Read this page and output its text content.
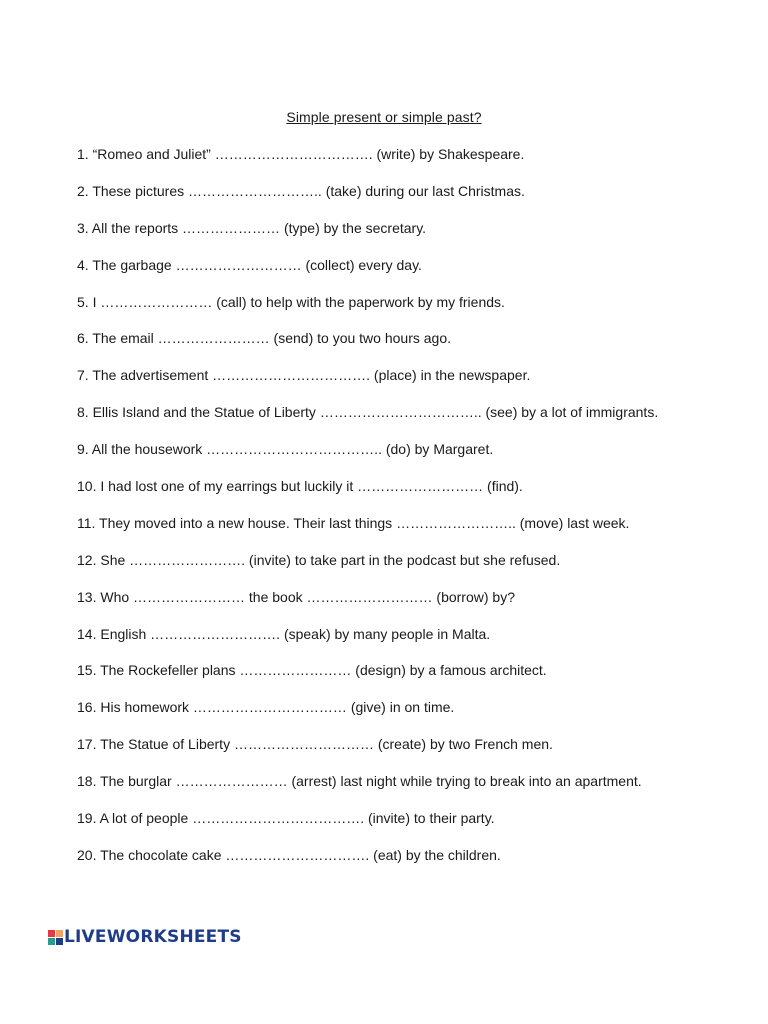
Simple present or simple past?
1. “Romeo and Juliet” ……………………………. (write) by Shakespeare.
2. These pictures ……………………….. (take) during our last Christmas.
3. All the reports ………………… (type) by the secretary.
4. The garbage ……………………… (collect) every day.
5. I …………………… (call) to help with the paperwork by my friends.
6. The email …………………… (send) to you two hours ago.
7. The advertisement ……………………………. (place) in the newspaper.
8. Ellis Island and the Statue of Liberty …………………………….. (see) by a lot of immigrants.
9. All the housework ……………………………….. (do) by Margaret.
10. I had lost one of my earrings but luckily it ……………………… (find).
11. They moved into a new house. Their last things …………………….. (move) last week.
12. She ……………………. (invite) to take part in the podcast but she refused.
13. Who …………………… the book ……………………… (borrow) by?
14. English ………………………. (speak) by many people in Malta.
15. The Rockefeller plans …………………… (design) by a famous architect.
16. His homework …………………………… (give) in on time.
17. The Statue of Liberty ………………………… (create) by two French men.
18. The burglar …………………… (arrest) last night while trying to break into an apartment.
19. A lot of people ………………………………. (invite) to their party.
20. The chocolate cake …………………………. (eat) by the children.
LIVEWORKSHEETS
